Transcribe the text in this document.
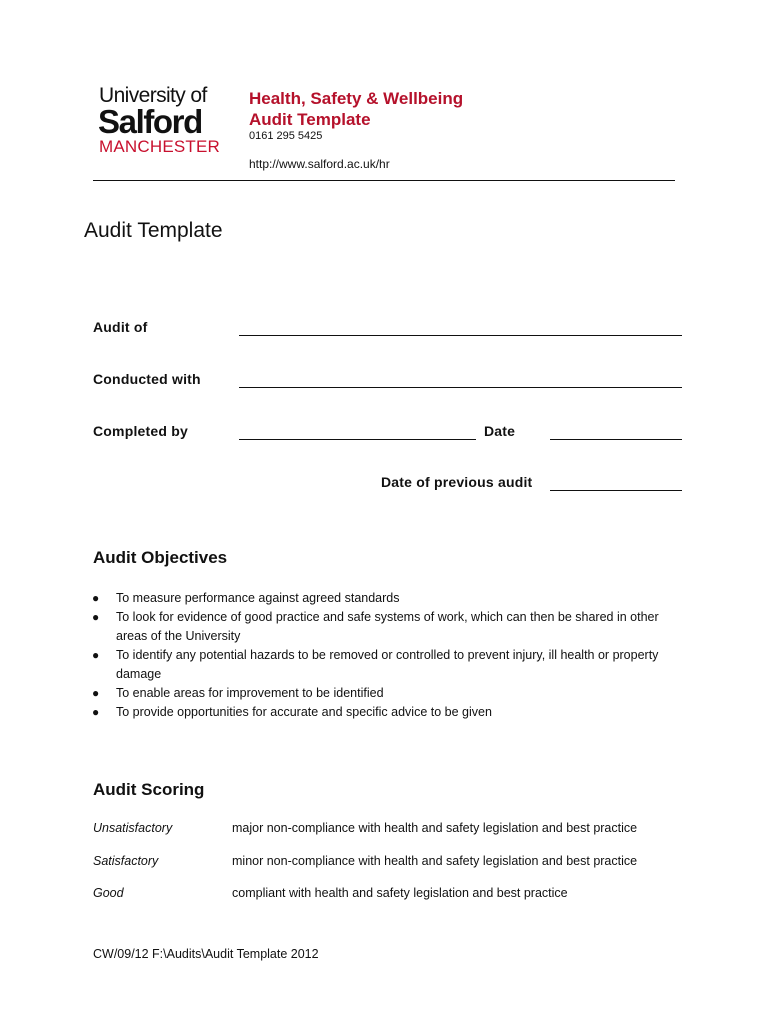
University of
Salford
MANCHESTER
Health, Safety & Wellbeing
Audit Template
0161 295 5425
http://www.salford.ac.uk/hr
Audit Template
Audit of
Conducted with
Completed by	Date
Date of previous audit
Audit Objectives
● To measure performance against agreed standards
● To look for evidence of good practice and safe systems of work, which can then be shared in other areas of the University
● To identify any potential hazards to be removed or controlled to prevent injury, ill health or property damage
● To enable areas for improvement to be identified
● To provide opportunities for accurate and specific advice to be given
Audit Scoring
Unsatisfactory	major non-compliance with health and safety legislation and best practice
Satisfactory	minor non-compliance with health and safety legislation and best practice
Good	compliant with health and safety legislation and best practice
CW/09/12 F:\Audits\Audit Template 2012
